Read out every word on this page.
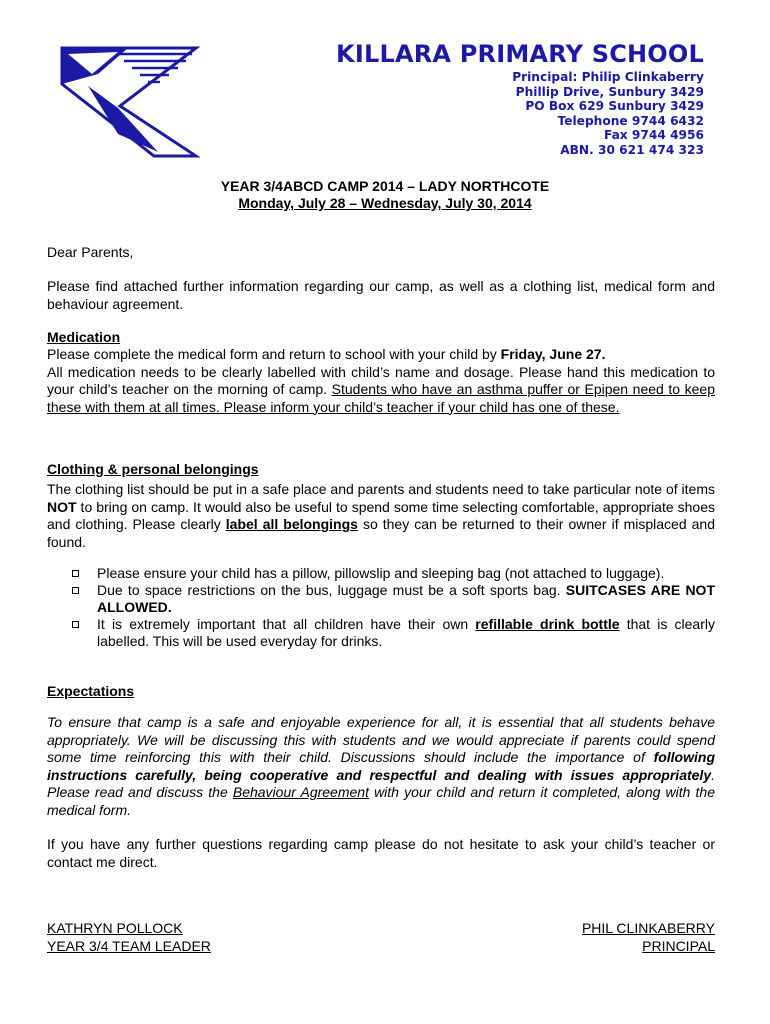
KILLARA PRIMARY SCHOOL
Principal: Philip Clinkaberry
Phillip Drive, Sunbury 3429
PO Box 629 Sunbury 3429
Telephone 9744 6432
Fax 9744 4956
ABN. 30 621 474 323
YEAR 3/4ABCD CAMP 2014 – LADY NORTHCOTE
Monday, July 28 – Wednesday, July 30, 2014
Dear Parents,
Please find attached further information regarding our camp, as well as a clothing list, medical form and behaviour agreement.
Medication
Please complete the medical form and return to school with your child by Friday, June 27.
All medication needs to be clearly labelled with child’s name and dosage. Please hand this medication to your child’s teacher on the morning of camp. Students who have an asthma puffer or Epipen need to keep these with them at all times. Please inform your child’s teacher if your child has one of these.
Clothing & personal belongings
The clothing list should be put in a safe place and parents and students need to take particular note of items NOT to bring on camp. It would also be useful to spend some time selecting comfortable, appropriate shoes and clothing. Please clearly label all belongings so they can be returned to their owner if misplaced and found.
Please ensure your child has a pillow, pillowslip and sleeping bag (not attached to luggage).
Due to space restrictions on the bus, luggage must be a soft sports bag. SUITCASES ARE NOT ALLOWED.
It is extremely important that all children have their own refillable drink bottle that is clearly labelled. This will be used everyday for drinks.
Expectations
To ensure that camp is a safe and enjoyable experience for all, it is essential that all students behave appropriately. We will be discussing this with students and we would appreciate if parents could spend some time reinforcing this with their child. Discussions should include the importance of following instructions carefully, being cooperative and respectful and dealing with issues appropriately. Please read and discuss the Behaviour Agreement with your child and return it completed, along with the medical form.
If you have any further questions regarding camp please do not hesitate to ask your child’s teacher or contact me direct.
KATHRYN POLLOCK
YEAR 3/4 TEAM LEADER
PHIL CLINKABERRY
PRINCIPAL
